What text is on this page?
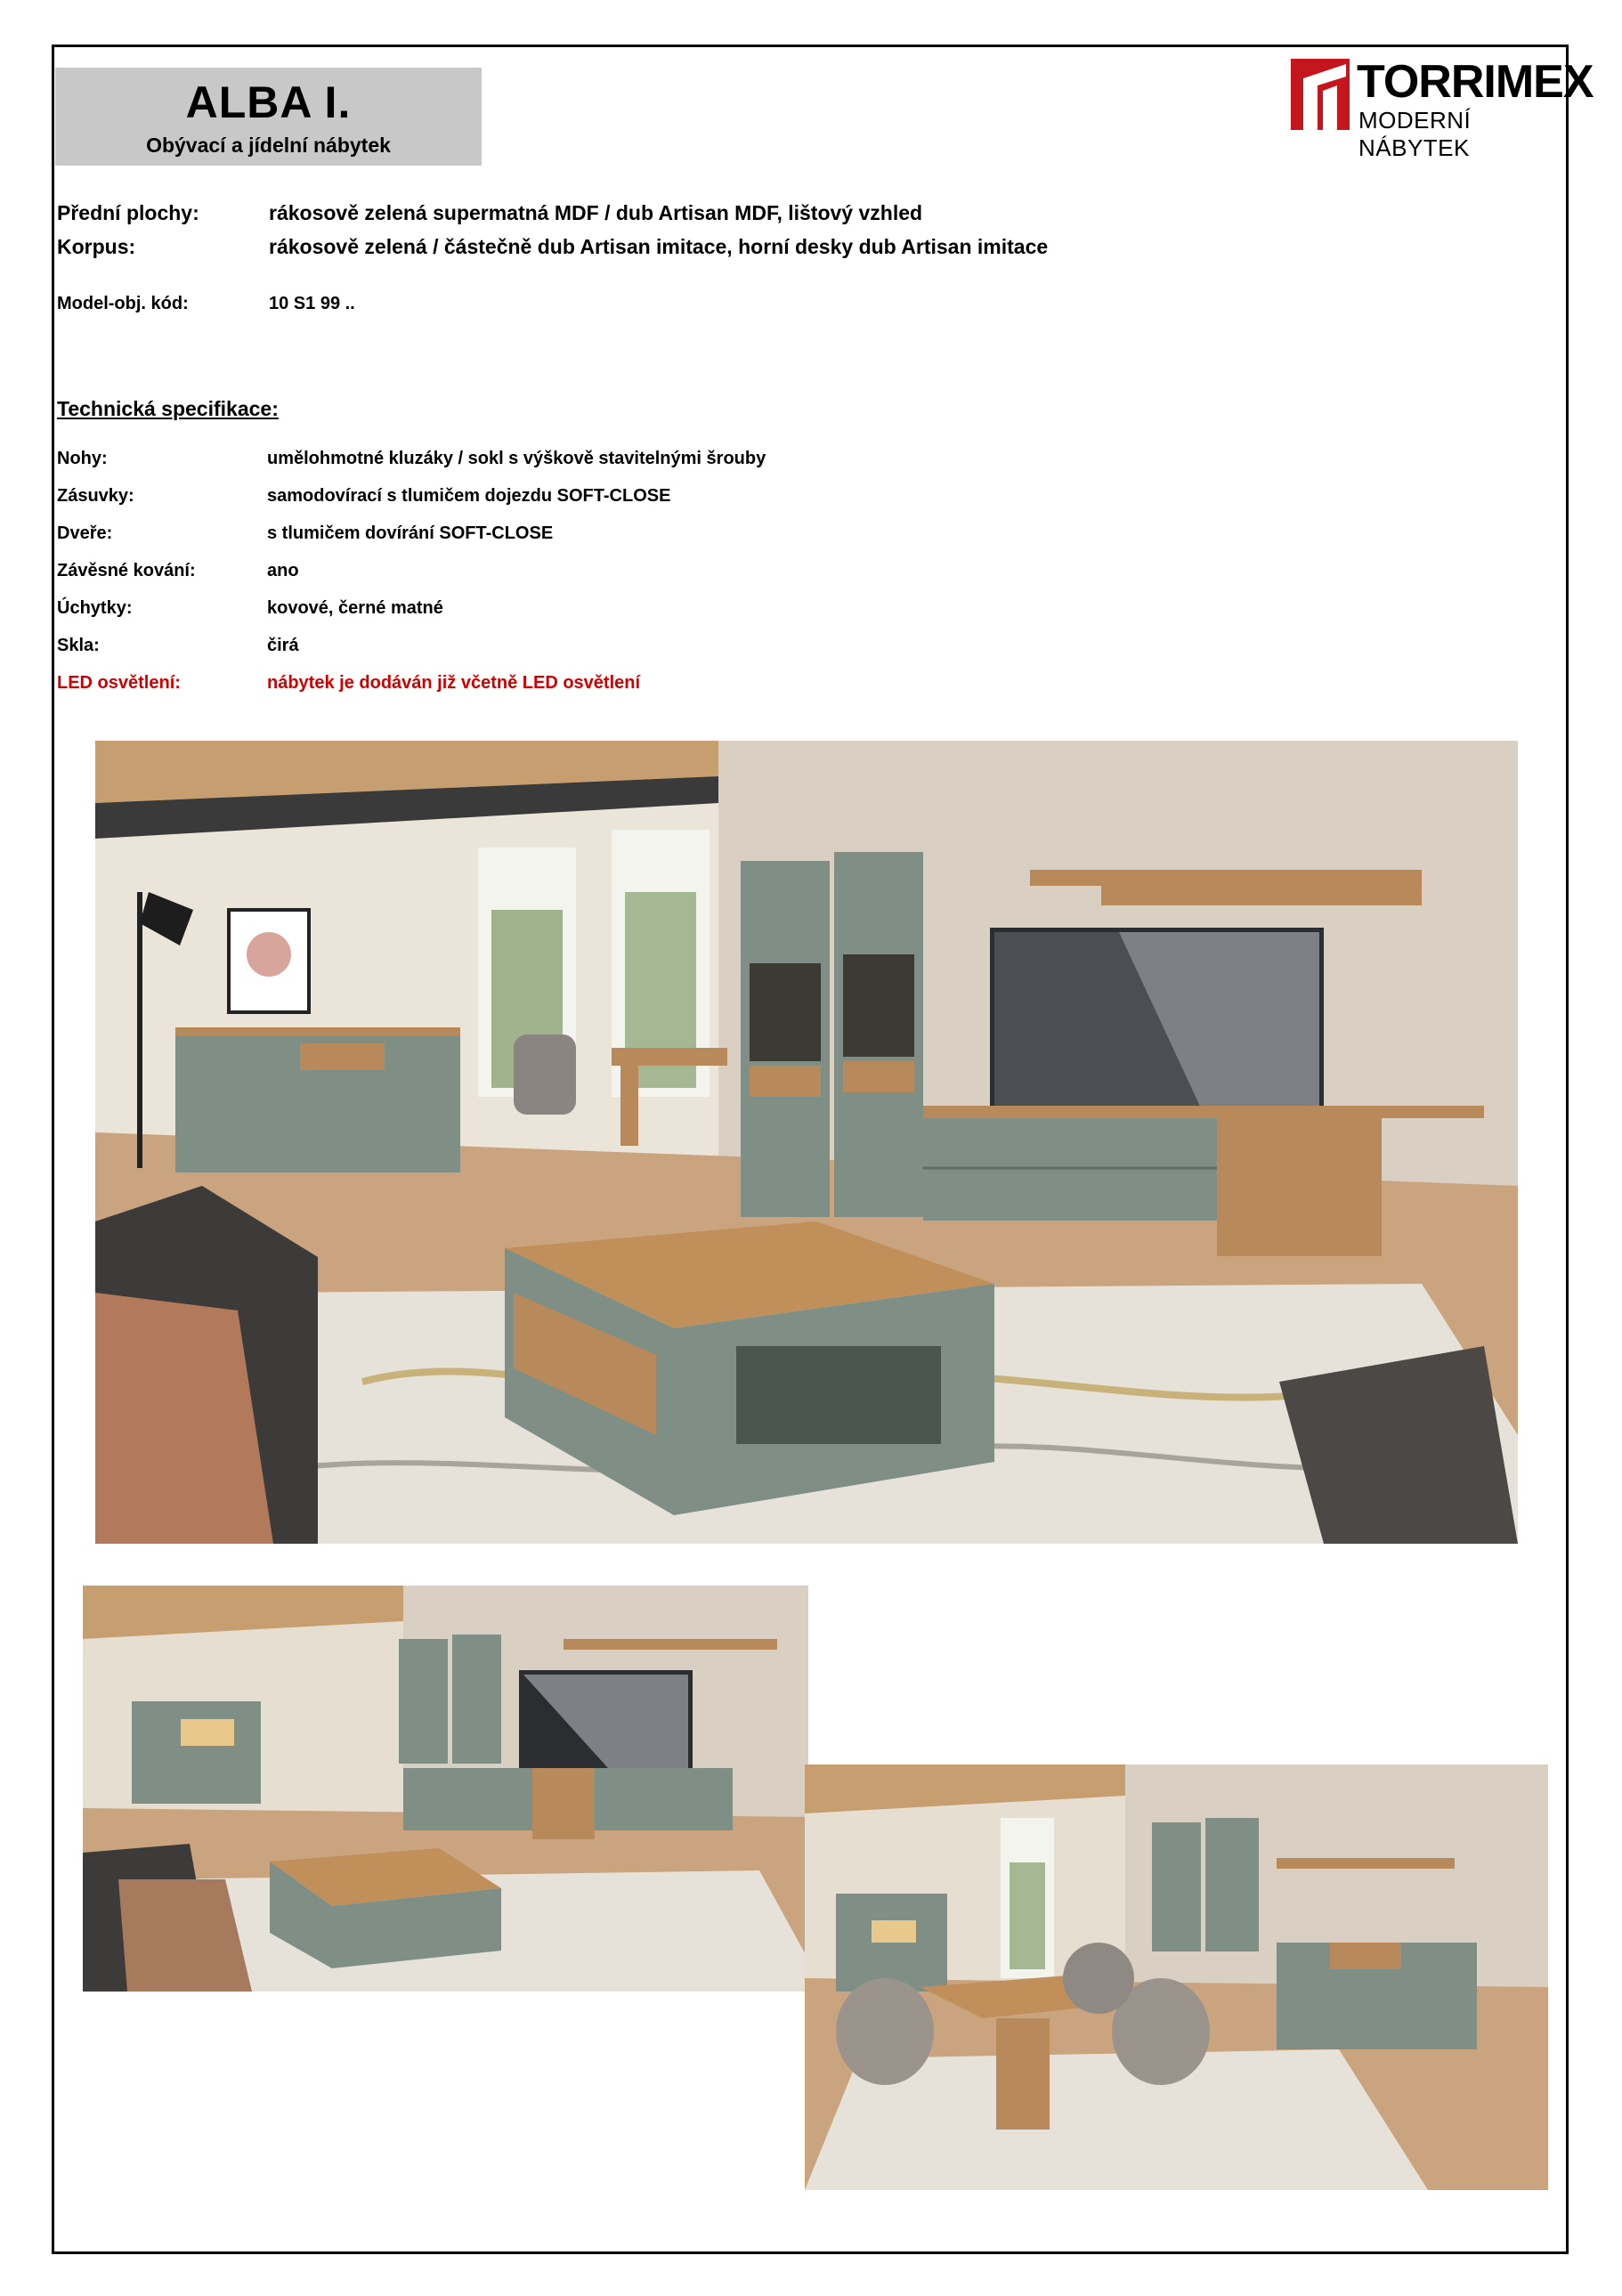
ALBA I.
Obývací a jídelní nábytek
TORRIMEX
MODERNÍ NÁBYTEK
Přední plochy:	rákosově zelená supermatná MDF / dub Artisan MDF, lištový vzhled
Korpus:	rákosově zelená / částečně dub Artisan imitace, horní desky dub Artisan imitace
Model-obj. kód:	10 S1 99 ..
Technická specifikace:
Nohy:	umělohmotné kluzáky / sokl s výškově stavitelnými šrouby
Zásuvky:	samodovírací s tlumičem dojezdu SOFT-CLOSE
Dveře:	s tlumičem dovírání SOFT-CLOSE
Závěsné kování:	ano
Úchytky:	kovové, černé matné
Skla:	čirá
LED osvětlení:	nábytek je dodáván již včetně LED osvětlení
